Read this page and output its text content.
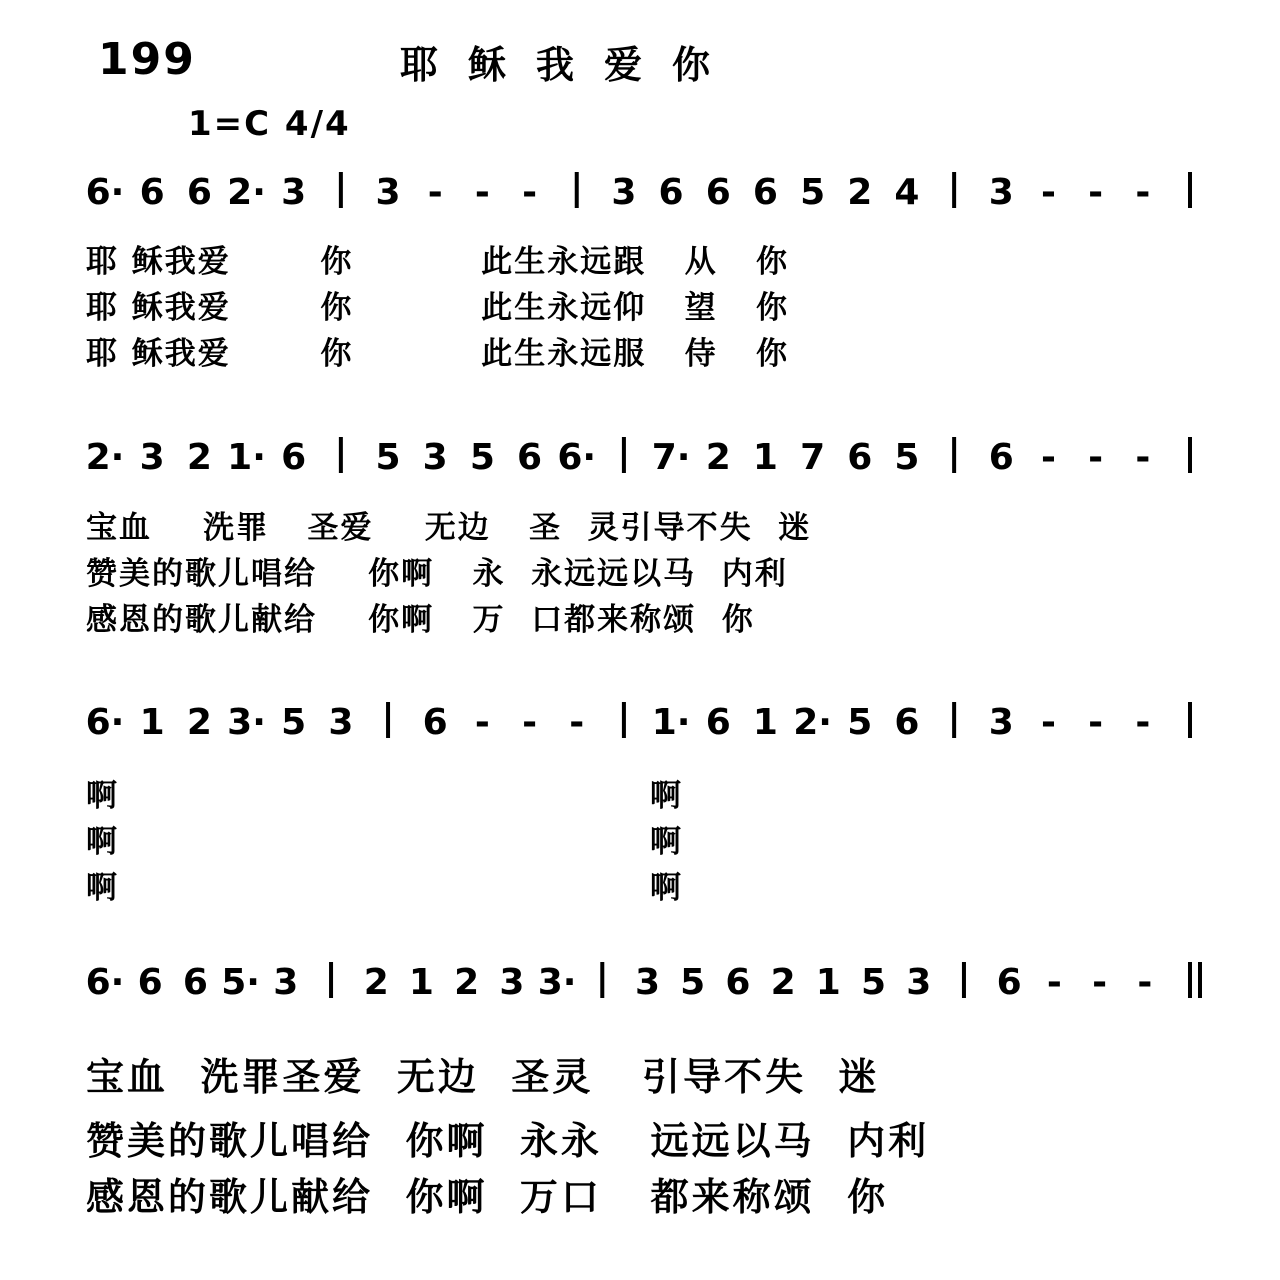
199	耶稣我爱你
1=C 4/4
6· 6 6 2· 3 3 - - - 3 6 6 6 5 2 4 3 - - -
耶 稣我爱       你          此生永远跟   从   你
耶 稣我爱       你          此生永远仰   望   你
耶 稣我爱       你          此生永远服   侍   你
2· 3 2 1· 6 5 3 5 6 6· 7· 2 1 7 6 5 6 - - -
宝血    洗罪   圣爱    无边   圣  灵引导不失  迷
赞美的歌儿唱给    你啊   永  永远远以马  内利
感恩的歌儿献给    你啊   万  口都来称颂  你
6· 1 2 3· 5 3 6 - - - 1· 6 1 2· 5 6 3 - - -
啊
啊
啊
啊
啊
啊
6· 6 6 5· 3 2 1 2 3 3· 3 5 6 2 1 5 3 6 - - -
宝血  洗罪圣爱  无边  圣灵   引导不失  迷
赞美的歌儿唱给  你啊  永永   远远以马  内利
感恩的歌儿献给  你啊  万口   都来称颂  你
